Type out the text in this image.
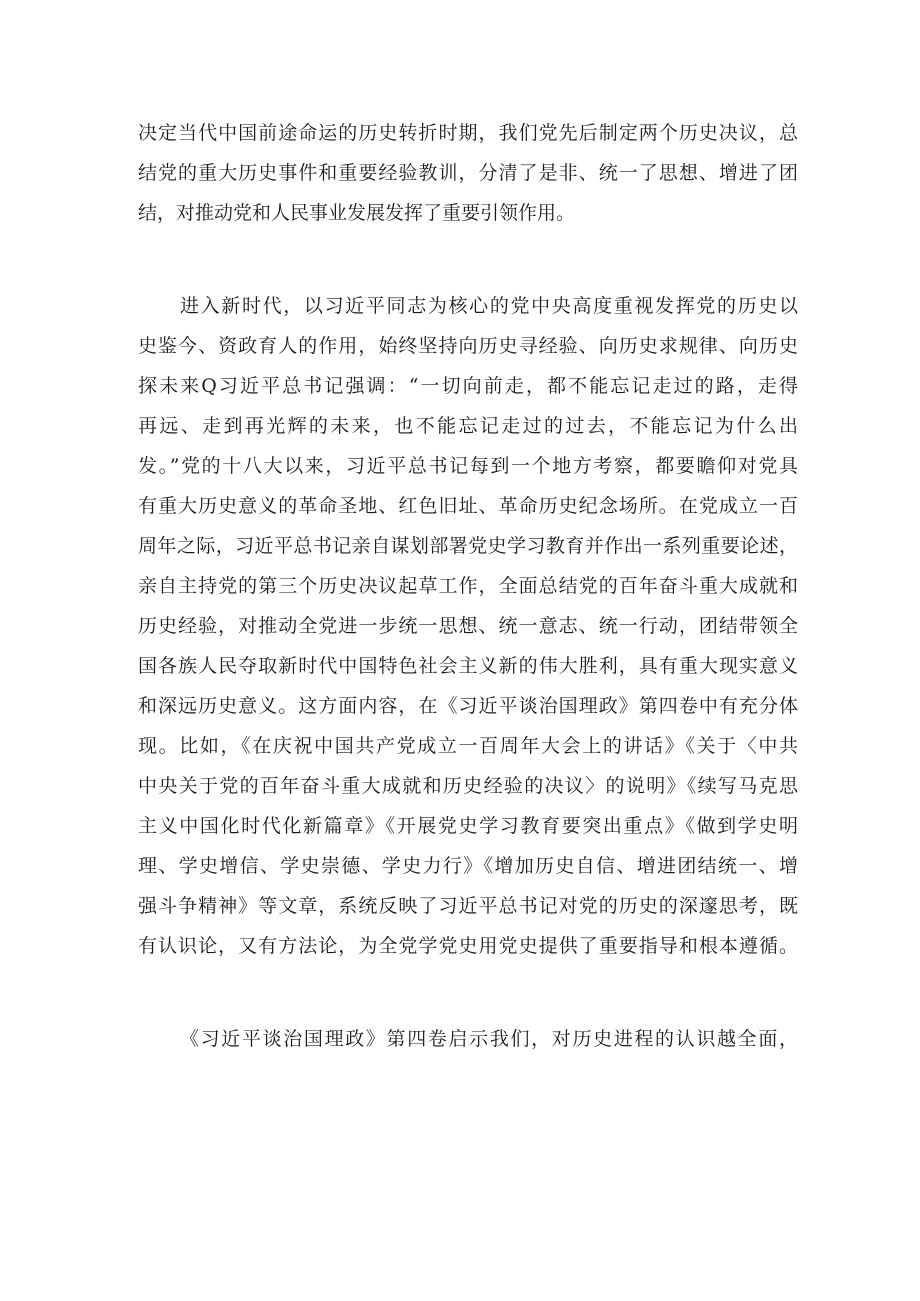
决定当代中国前途命运的历史转折时期，我们党先后制定两个历史决议，总
结党的重大历史事件和重要经验教训，分清了是非、统一了思想、增进了团
结，对推动党和人民事业发展发挥了重要引领作用。
进入新时代，以习近平同志为核心的党中央高度重视发挥党的历史以
史鉴今、资政育人的作用，始终坚持向历史寻经验、向历史求规律、向历史
探未来Q习近平总书记强调：“一切向前走，都不能忘记走过的路，走得
再远、走到再光辉的未来，也不能忘记走过的过去，不能忘记为什么出
发。”党的十八大以来，习近平总书记每到一个地方考察，都要瞻仰对党具
有重大历史意义的革命圣地、红色旧址、革命历史纪念场所。在党成立一百
周年之际，习近平总书记亲自谋划部署党史学习教育并作出一系列重要论述，
亲自主持党的第三个历史决议起草工作，全面总结党的百年奋斗重大成就和
历史经验，对推动全党进一步统一思想、统一意志、统一行动，团结带领全
国各族人民夺取新时代中国特色社会主义新的伟大胜利，具有重大现实意义
和深远历史意义。这方面内容，在《习近平谈治国理政》第四卷中有充分体
现。比如，《在庆祝中国共产党成立一百周年大会上的讲话》《关于〈中共
中央关于党的百年奋斗重大成就和历史经验的决议〉的说明》《续写马克思
主义中国化时代化新篇章》《开展党史学习教育要突出重点》《做到学史明
理、学史增信、学史崇德、学史力行》《增加历史自信、增进团结统一、增
强斗争精神》等文章，系统反映了习近平总书记对党的历史的深邃思考，既
有认识论，又有方法论，为全党学党史用党史提供了重要指导和根本遵循。
《习近平谈治国理政》第四卷启示我们，对历史进程的认识越全面，
